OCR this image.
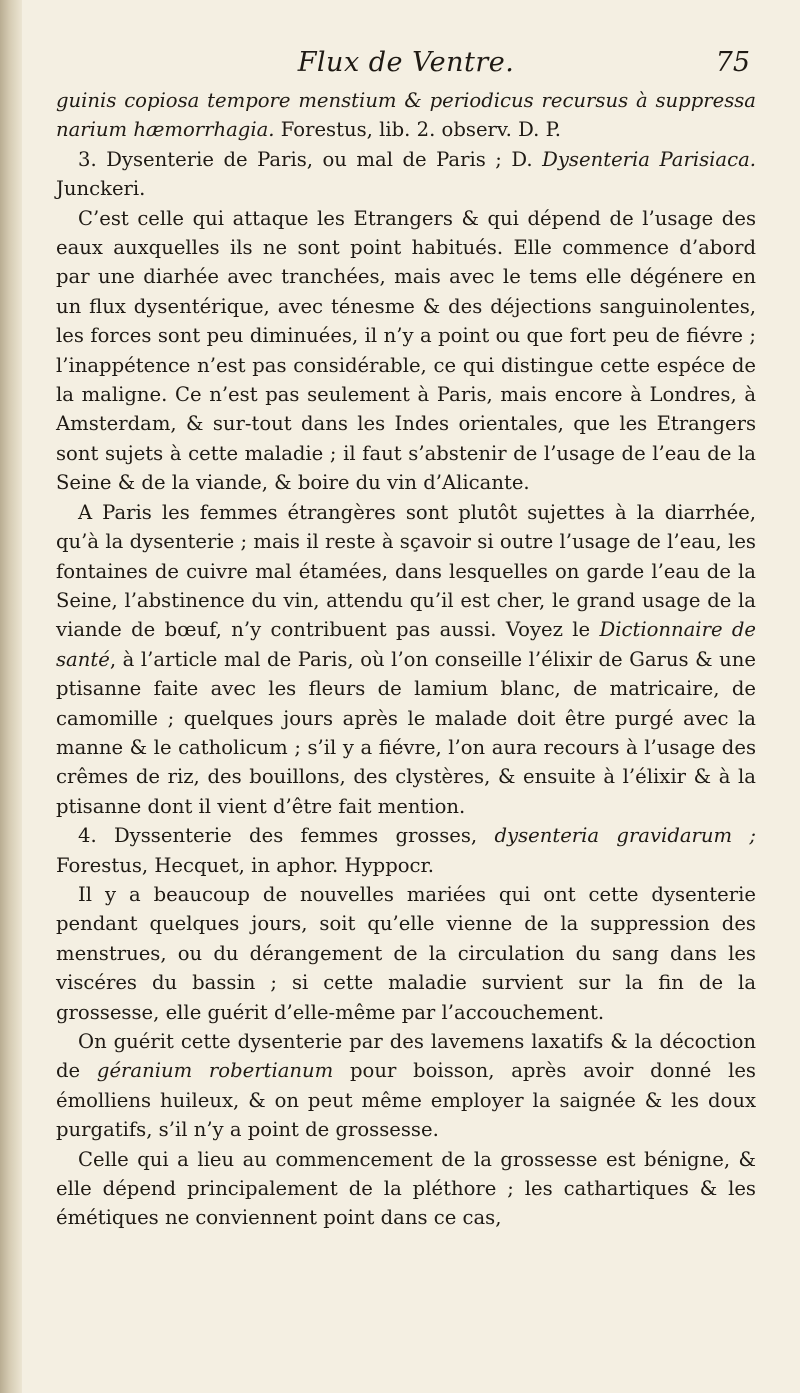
Flux de Ventre.	75

guinis copiosa tempore menstium & periodicus recursus à suppressa narium hæmorrhagia. Forestus, lib. 2. observ. D. P.

3. Dysenterie de Paris, ou mal de Paris ; D. Dysenteria Parisiaca. Junckeri.

C’est celle qui attaque les Etrangers & qui dépend de l’usage des eaux auxquelles ils ne sont point habitués. Elle commence d’abord par une diarhée avec tranchées, mais avec le tems elle dégénere en un flux dysentérique, avec ténesme & des déjections sanguinolentes, les forces sont peu diminuées, il n’y a point ou que fort peu de fiévre ; l’inappétence n’est pas considérable, ce qui distingue cette espéce de la maligne. Ce n’est pas seulement à Paris, mais encore à Londres, à Amsterdam, & sur-tout dans les Indes orientales, que les Etrangers sont sujets à cette maladie ; il faut s’abstenir de l’usage de l’eau de la Seine & de la viande, & boire du vin d’Alicante.

A Paris les femmes étrangères sont plutôt sujettes à la diarrhée, qu’à la dysenterie ; mais il reste à sçavoir si outre l’usage de l’eau, les fontaines de cuivre mal étamées, dans lesquelles on garde l’eau de la Seine, l’abstinence du vin, attendu qu’il est cher, le grand usage de la viande de bœuf, n’y contribuent pas aussi. Voyez le Dictionnaire de santé, à l’article mal de Paris, où l’on conseille l’élixir de Garus & une ptisanne faite avec les fleurs de lamium blanc, de matricaire, de camomille ; quelques jours après le malade doit être purgé avec la manne & le catholicum ; s’il y a fiévre, l’on aura recours à l’usage des crêmes de riz, des bouillons, des clystères, & ensuite à l’élixir & à la ptisanne dont il vient d’être fait mention.

4. Dyssenterie des femmes grosses, dysenteria gravidarum ; Forestus, Hecquet, in aphor. Hyppocr.

Il y a beaucoup de nouvelles mariées qui ont cette dysenterie pendant quelques jours, soit qu’elle vienne de la suppression des menstrues, ou du dérangement de la circulation du sang dans les viscéres du bassin ; si cette maladie survient sur la fin de la grossesse, elle guérit d’elle-même par l’accouchement.

On guérit cette dysenterie par des lavemens laxatifs & la décoction de géranium robertianum pour boisson, après avoir donné les émolliens huileux, & on peut même employer la saignée & les doux purgatifs, s’il n’y a point de grossesse.

Celle qui a lieu au commencement de la grossesse est bénigne, & elle dépend principalement de la pléthore ; les cathartiques & les émétiques ne conviennent point dans ce cas,
